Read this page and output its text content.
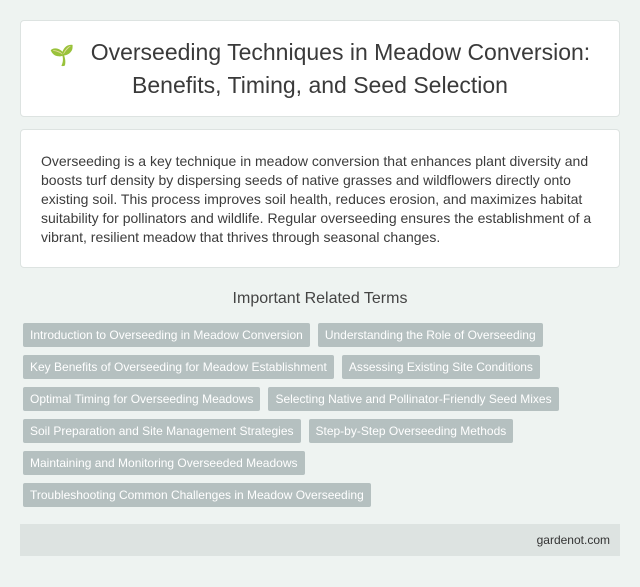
🌱 Overseeding Techniques in Meadow Conversion: Benefits, Timing, and Seed Selection

Overseeding is a key technique in meadow conversion that enhances plant diversity and boosts turf density by dispersing seeds of native grasses and wildflowers directly onto existing soil. This process improves soil health, reduces erosion, and maximizes habitat suitability for pollinators and wildlife. Regular overseeding ensures the establishment of a vibrant, resilient meadow that thrives through seasonal changes.

Important Related Terms
Introduction to Overseeding in Meadow Conversion	Understanding the Role of Overseeding
Key Benefits of Overseeding for Meadow Establishment	Assessing Existing Site Conditions
Optimal Timing for Overseeding Meadows	Selecting Native and Pollinator-Friendly Seed Mixes
Soil Preparation and Site Management Strategies	Step-by-Step Overseeding Methods
Maintaining and Monitoring Overseeded Meadows
Troubleshooting Common Challenges in Meadow Overseeding
gardenot.com
